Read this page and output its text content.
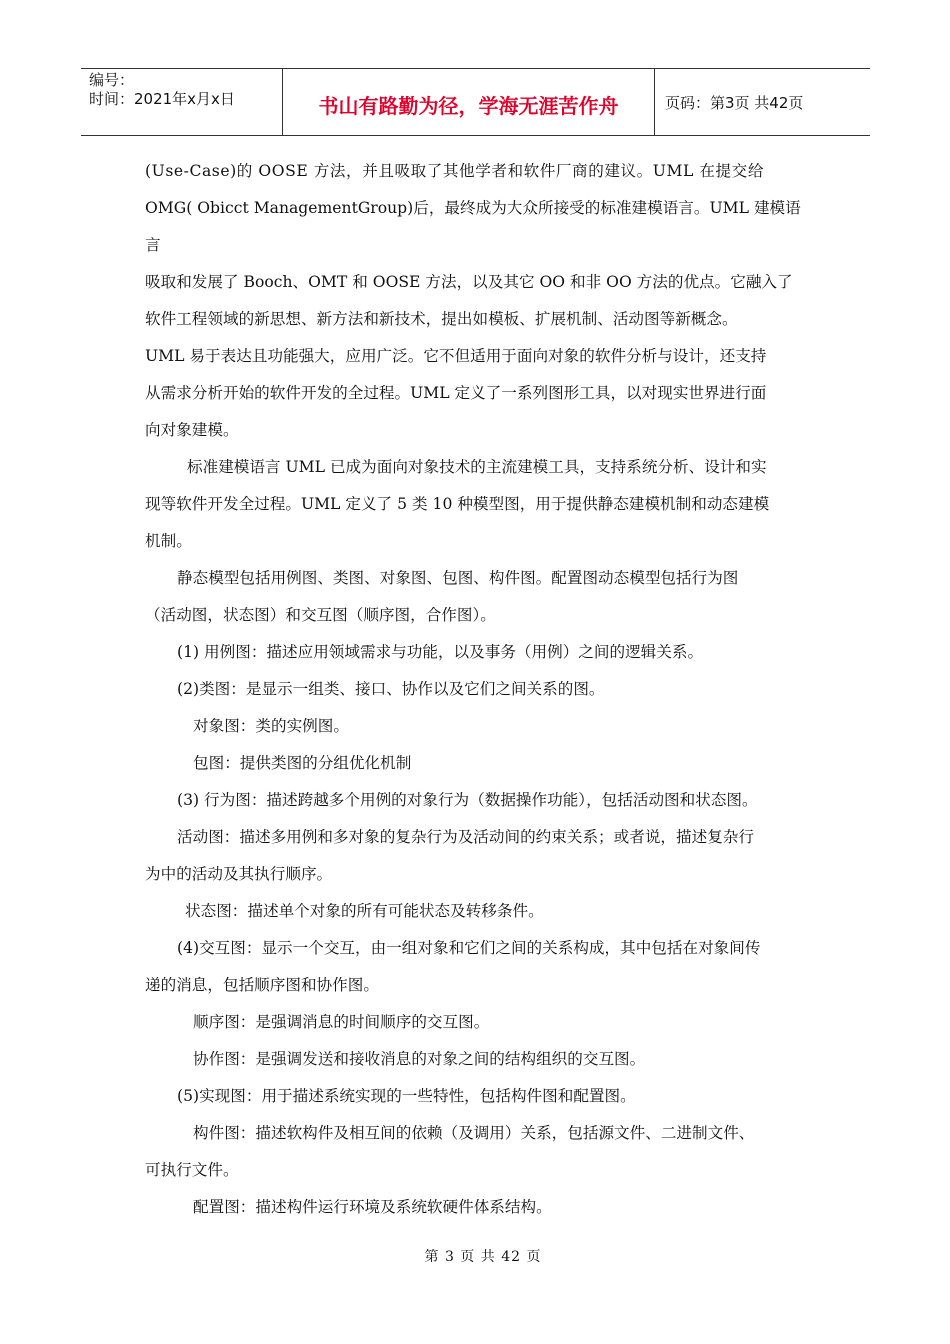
编号：
时间：2021年x月x日	书山有路勤为径，学海无涯苦作舟	页码：第3页 共42页

(Use-Case)的 OOSE 方法，并且吸取了其他学者和软件厂商的建议。UML 在提交给

OMG( Obicct ManagementGroup)后，最终成为大众所接受的标准建模语言。UML 建模语言

吸取和发展了 Booch、OMT 和 OOSE 方法，以及其它 OO 和非 OO 方法的优点。它融入了

软件工程领域的新思想、新方法和新技术，提出如模板、扩展机制、活动图等新概念。

UML 易于表达且功能强大，应用广泛。它不但适用于面向对象的软件分析与设计，还支持

从需求分析开始的软件开发的全过程。UML 定义了一系列图形工具，以对现实世界进行面

向对象建模。

标准建模语言 UML 已成为面向对象技术的主流建模工具，支持系统分析、设计和实

现等软件开发全过程。UML 定义了 5 类 10 种模型图，用于提供静态建模机制和动态建模

机制。

静态模型包括用例图、类图、对象图、包图、构件图。配置图动态模型包括行为图

（活动图，状态图）和交互图（顺序图，合作图）。

(1) 用例图：描述应用领域需求与功能，以及事务（用例）之间的逻辑关系。

(2)类图：是显示一组类、接口、协作以及它们之间关系的图。

对象图：类的实例图。

包图：提供类图的分组优化机制

(3) 行为图：描述跨越多个用例的对象行为（数据操作功能），包括活动图和状态图。

活动图：描述多用例和多对象的复杂行为及活动间的约束关系；或者说，描述复杂行

为中的活动及其执行顺序。

状态图：描述单个对象的所有可能状态及转移条件。

(4)交互图：显示一个交互，由一组对象和它们之间的关系构成，其中包括在对象间传

递的消息，包括顺序图和协作图。

顺序图：是强调消息的时间顺序的交互图。

协作图：是强调发送和接收消息的对象之间的结构组织的交互图。

(5)实现图：用于描述系统实现的一些特性，包括构件图和配置图。

构件图：描述软构件及相互间的依赖（及调用）关系，包括源文件、二进制文件、

可执行文件。

配置图：描述构件运行环境及系统软硬件体系结构。

第 3 页 共 42 页
